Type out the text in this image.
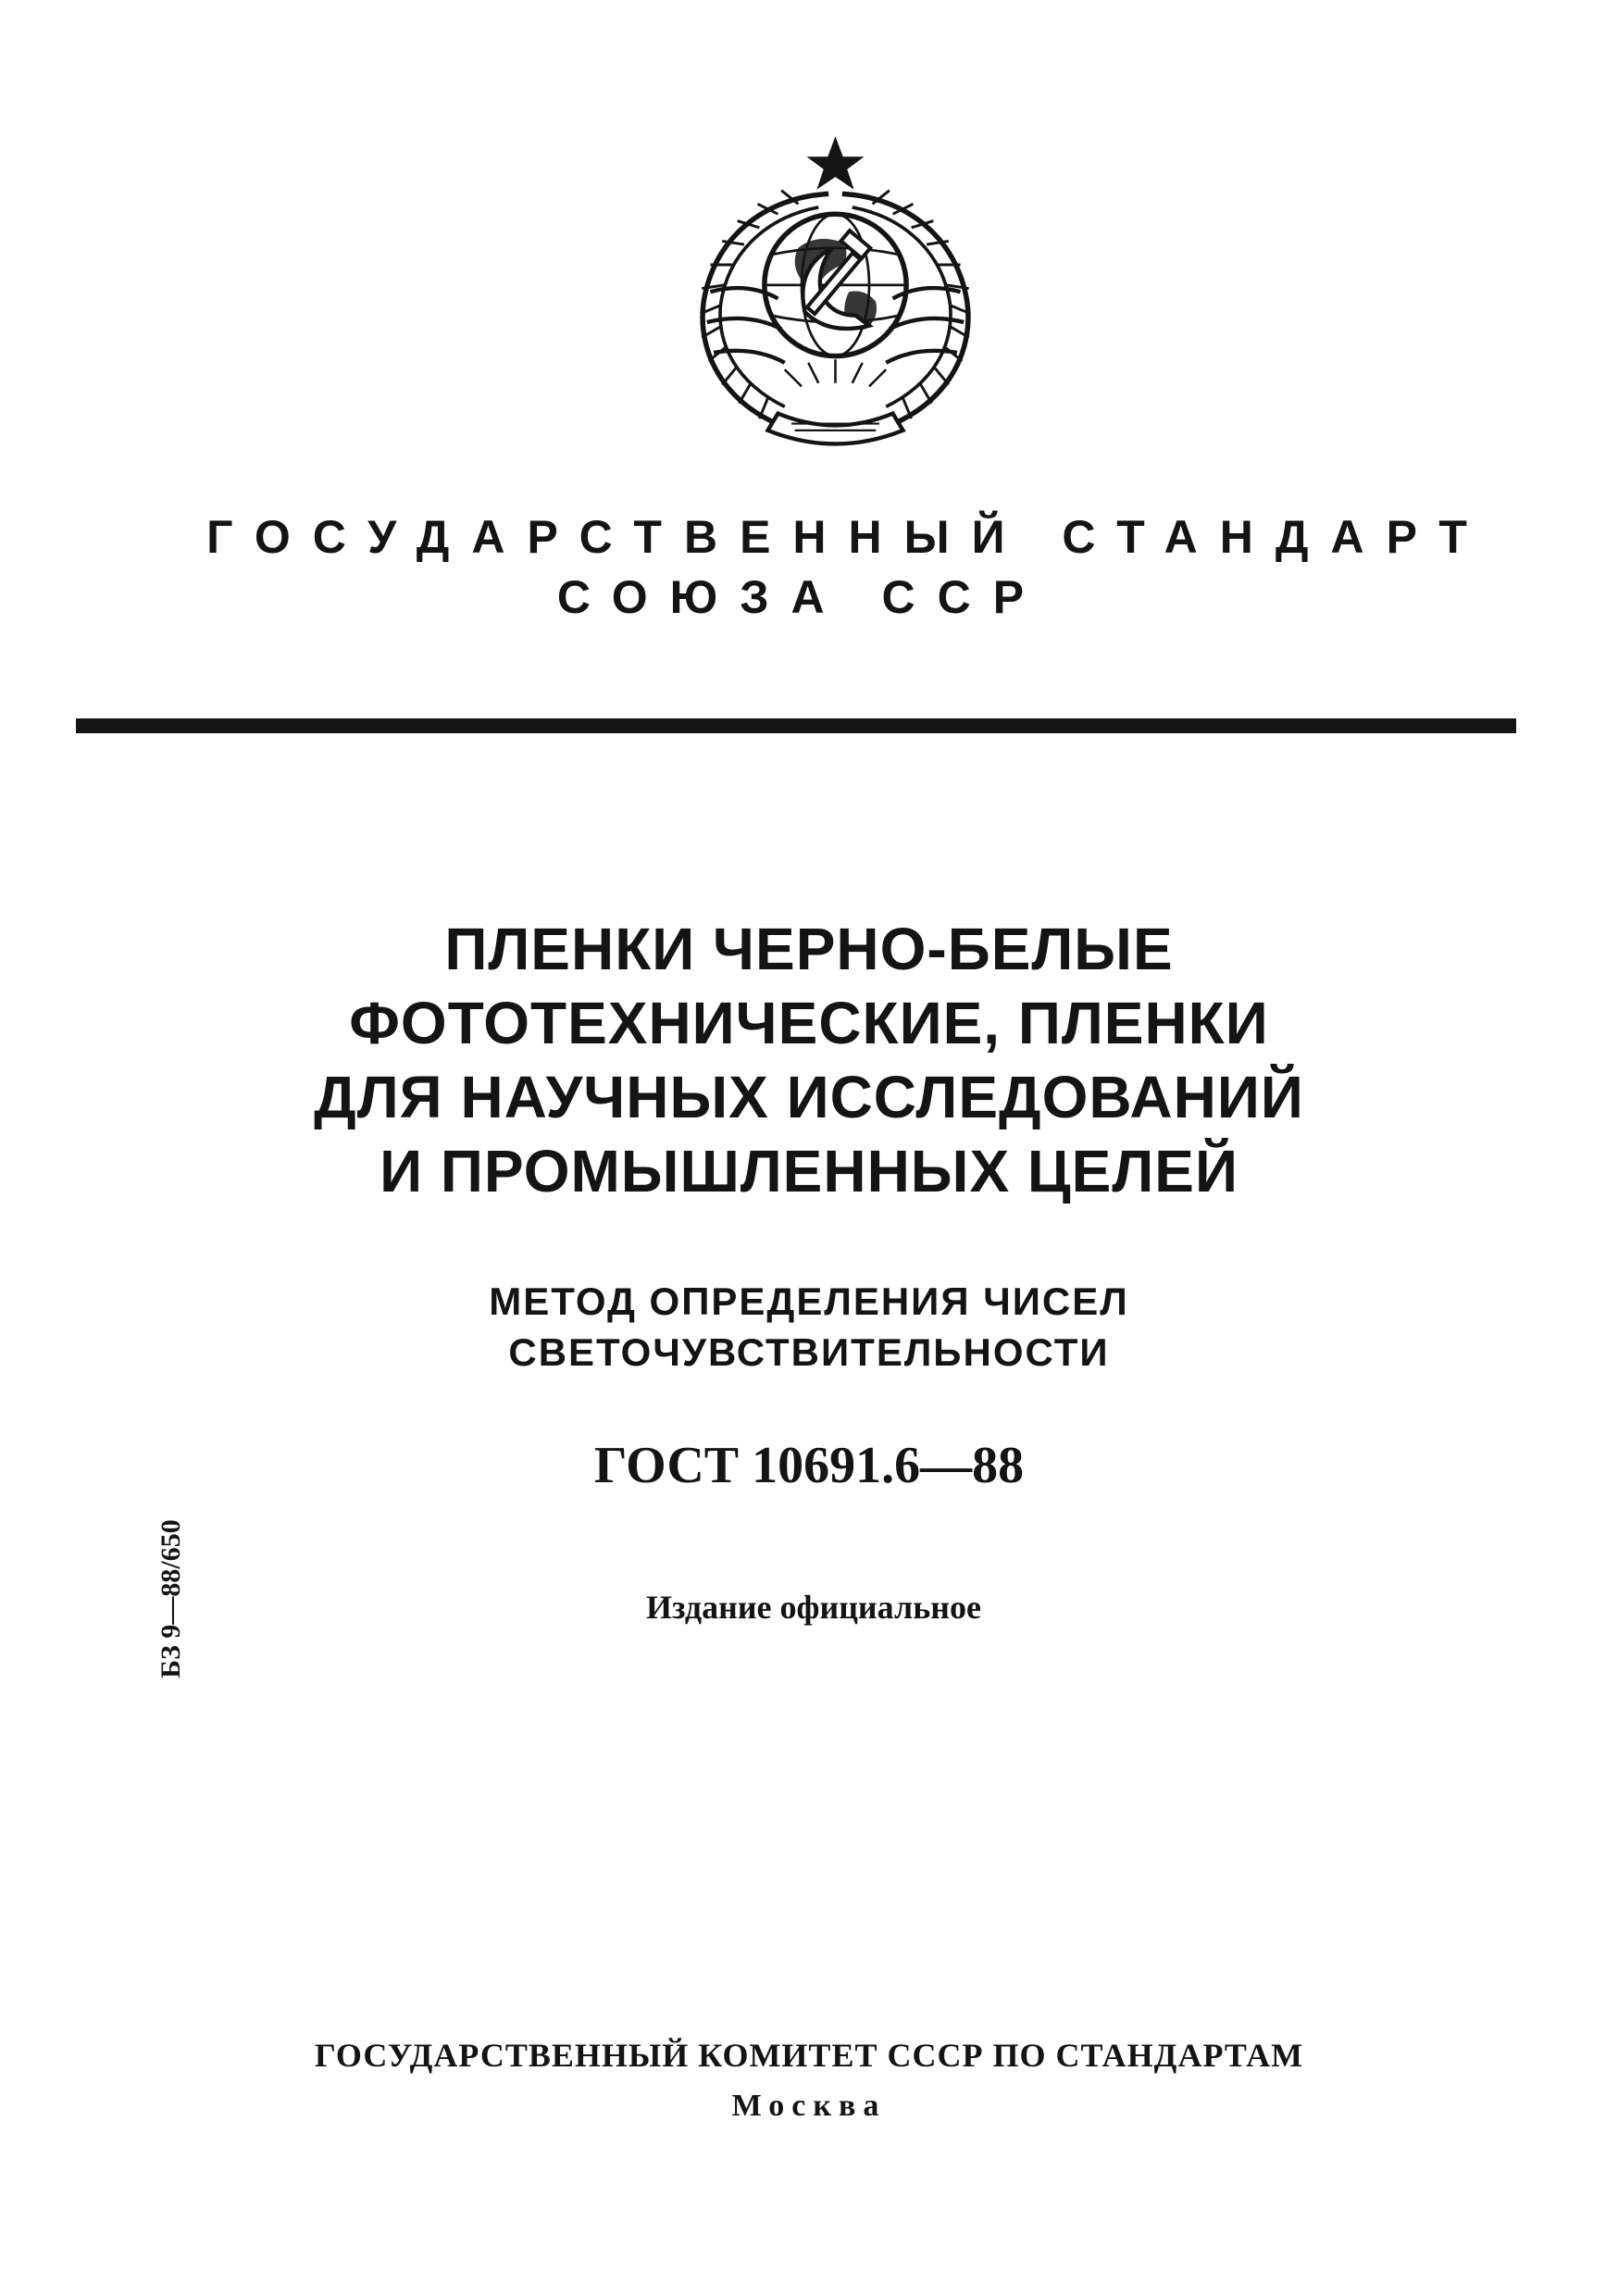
ГОСУДАРСТВЕННЫЙ СТАНДАРТ
СОЮЗА ССР
ПЛЕНКИ ЧЕРНО-БЕЛЫЕ
ФОТОТЕХНИЧЕСКИЕ, ПЛЕНКИ
ДЛЯ НАУЧНЫХ ИССЛЕДОВАНИЙ
И ПРОМЫШЛЕННЫХ ЦЕЛЕЙ
МЕТОД ОПРЕДЕЛЕНИЯ ЧИСЕЛ
СВЕТОЧУВСТВИТЕЛЬНОСТИ
ГОСТ 10691.6—88
Издание официальное
БЗ 9—88/650
ГОСУДАРСТВЕННЫЙ КОМИТЕТ СССР ПО СТАНДАРТАМ
Москва
